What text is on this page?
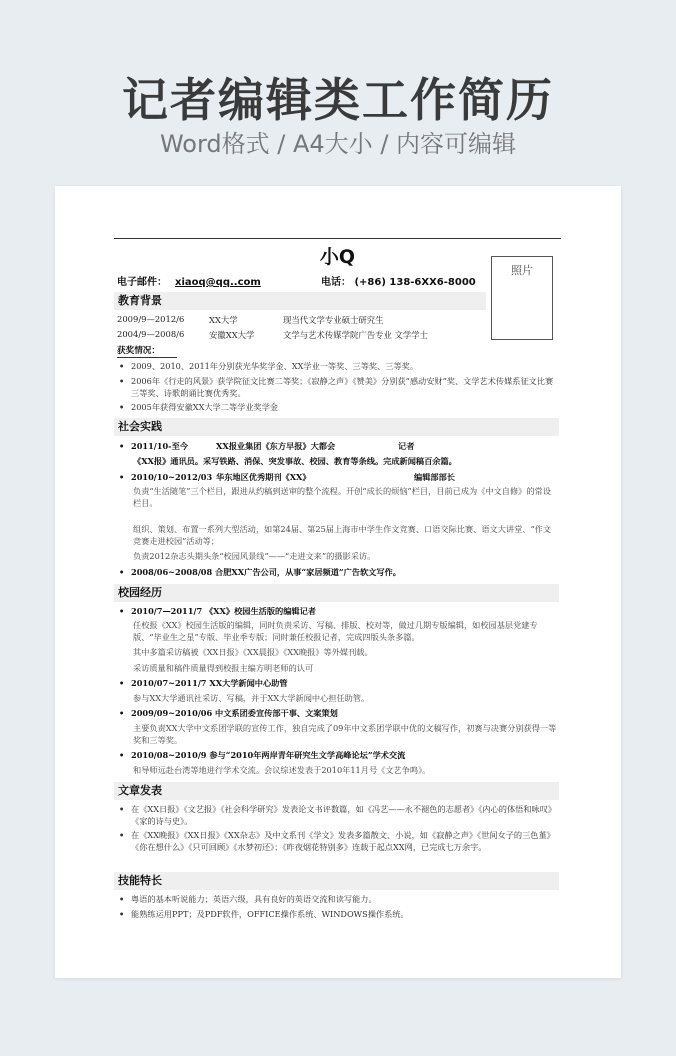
记者编辑类工作简历
Word格式 / A4大小 / 内容可编辑
小Q
电子邮件： xiaoq@qq..com	电话： (+86) 138-6XX6-8000
照片
教育背景
2009/9—2012/6	XX大学	现当代文学专业硕士研究生
2004/9—2008/6	安徽XX大学	文学与艺术传媒学院广告专业 文学学士
获奖情况：
• 2009、2010、2011年分别获光华奖学金、XX学业一等奖、三等奖、三等奖。
• 2006年《行走的风景》获学院征文比赛二等奖；《寂静之声》《赞美》分别获“感动安财”奖、文学艺术传媒系征文比赛三等奖、诗歌朗诵比赛优秀奖。
• 2005年获得安徽XX大学二等学业奖学金
社会实践
• 2011/10-至今	XX报业集团《东方早报》大都会	记者
《XX报》通讯员。采写铁路、消保、突发事故、校园、教育等条线。完成新闻稿百余篇。
• 2010/10~2012/03 华东地区优秀期刊《XX》	编辑部部长
负责“生活随笔”三个栏目，跟进从约稿到送审的整个流程。开创“成长的烦恼”栏目，目前已成为《中文自修》的常设栏目。
组织、策划、布置一系列大型活动，如第24届、第25届上海市中学生作文竞赛、口语交际比赛、语文大讲堂、“作文竞赛走进校园”活动等；
负责2012杂志头期头条“校园风景线”——“走进文来”的摄影采访。
• 2008/06~2008/08 合肥XX广告公司，从事“家居频道”广告软文写作。
校园经历
• 2010/7—2011/7 《XX》校园生活版的编辑记者
任校报《XX》校园生活版的编辑，同时负责采访、写稿、排版、校对等，做过几期专版编辑，如校园基层党建专版、“毕业生之星”专版、毕业季专版；同时兼任校报记者，完成四版头条多篇。
其中多篇采访稿被《XX日报》《XX晨报》《XX晚报》等外媒刊载。
采访质量和稿件质量得到校报主编方明老师的认可
• 2010/07~2011/7 XX大学新闻中心助管
参与XX大学通讯社采访、写稿，并于XX大学新闻中心担任助管。
• 2009/09~2010/06 中文系团委宣传部干事、文案策划
主要负责XX大学中文系团学联的宣传工作，独自完成了09年中文系团学联中优的文稿写作，初赛与决赛分别获得一等奖和三等奖。
• 2010/08~2010/9 参与“2010年两岸青年研究生文学高峰论坛”学术交流
和导师远赴台湾等地进行学术交流。会议综述发表于2010年11月号《文艺争鸣》。
文章发表
• 在《XX日报》《文艺报》《社会科学研究》发表论文书评数篇，如《冯艺——永不褪色的志愿者》《内心的体悟和咏叹》《家的诗与史》。
• 在《XX晚报》《XX日报》《XX杂志》及中文系刊《学文》发表多篇散文、小说，如《寂静之声》《世间女子的三色堇》《你在想什么》《只可回顾》《水梦初还》；《昨夜烟花特别多》连载于起点XX网，已完成七万余字。
技能特长
• 粤语的基本听说能力；英语六级，具有良好的英语交流和读写能力。
• 能熟练运用PPT；及PDF软件，OFFICE操作系统、WINDOWS操作系统。
